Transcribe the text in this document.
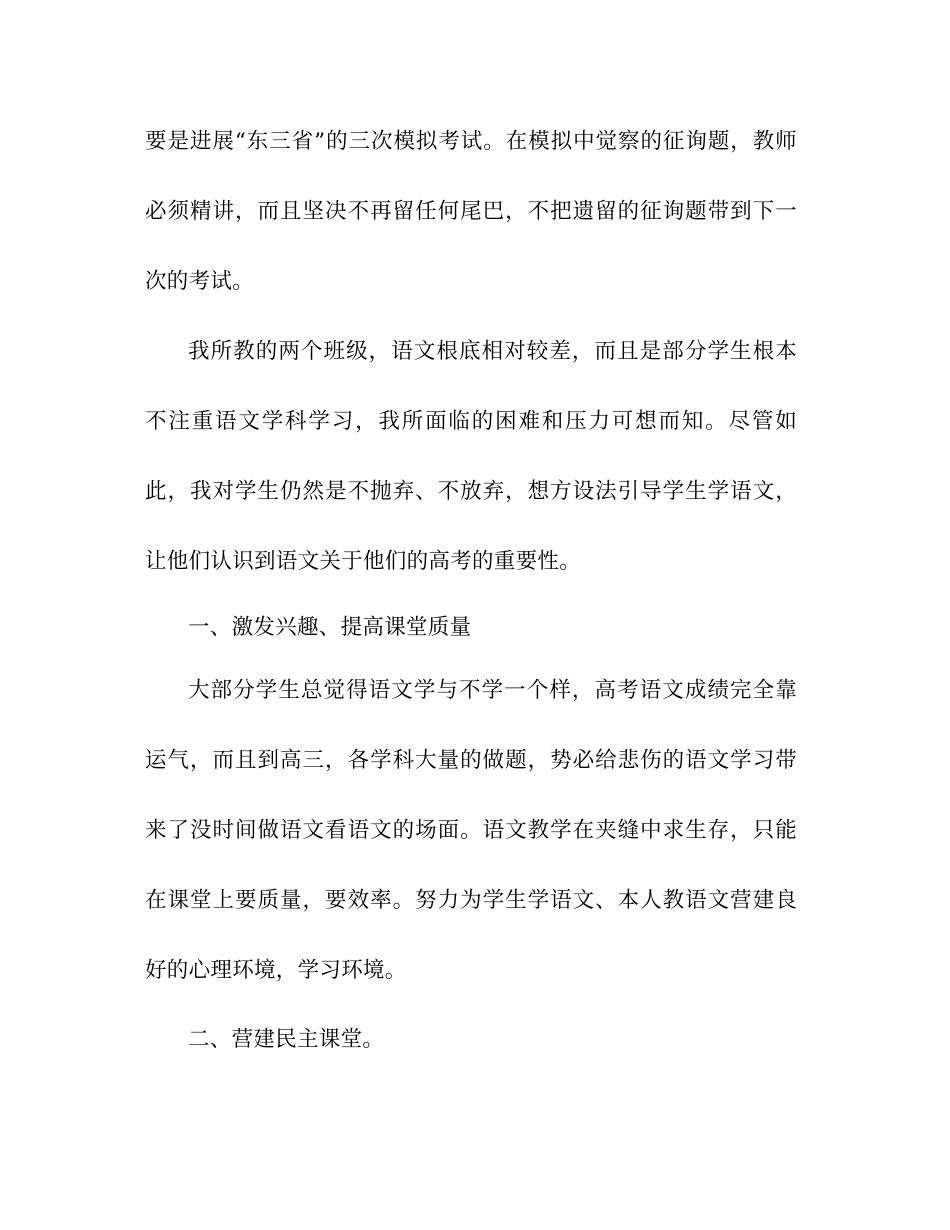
要是进展“东三省”的三次模拟考试。在模拟中觉察的征询题，教师必须精讲，而且坚决不再留任何尾巴，不把遗留的征询题带到下一次的考试。

我所教的两个班级，语文根底相对较差，而且是部分学生根本不注重语文学科学习，我所面临的困难和压力可想而知。尽管如此，我对学生仍然是不抛弃、不放弃，想方设法引导学生学语文，让他们认识到语文关于他们的高考的重要性。

一、激发兴趣、提高课堂质量

大部分学生总觉得语文学与不学一个样，高考语文成绩完全靠运气，而且到高三，各学科大量的做题，势必给悲伤的语文学习带来了没时间做语文看语文的场面。语文教学在夹缝中求生存，只能在课堂上要质量，要效率。努力为学生学语文、本人教语文营建良好的心理环境，学习环境。

二、营建民主课堂。
